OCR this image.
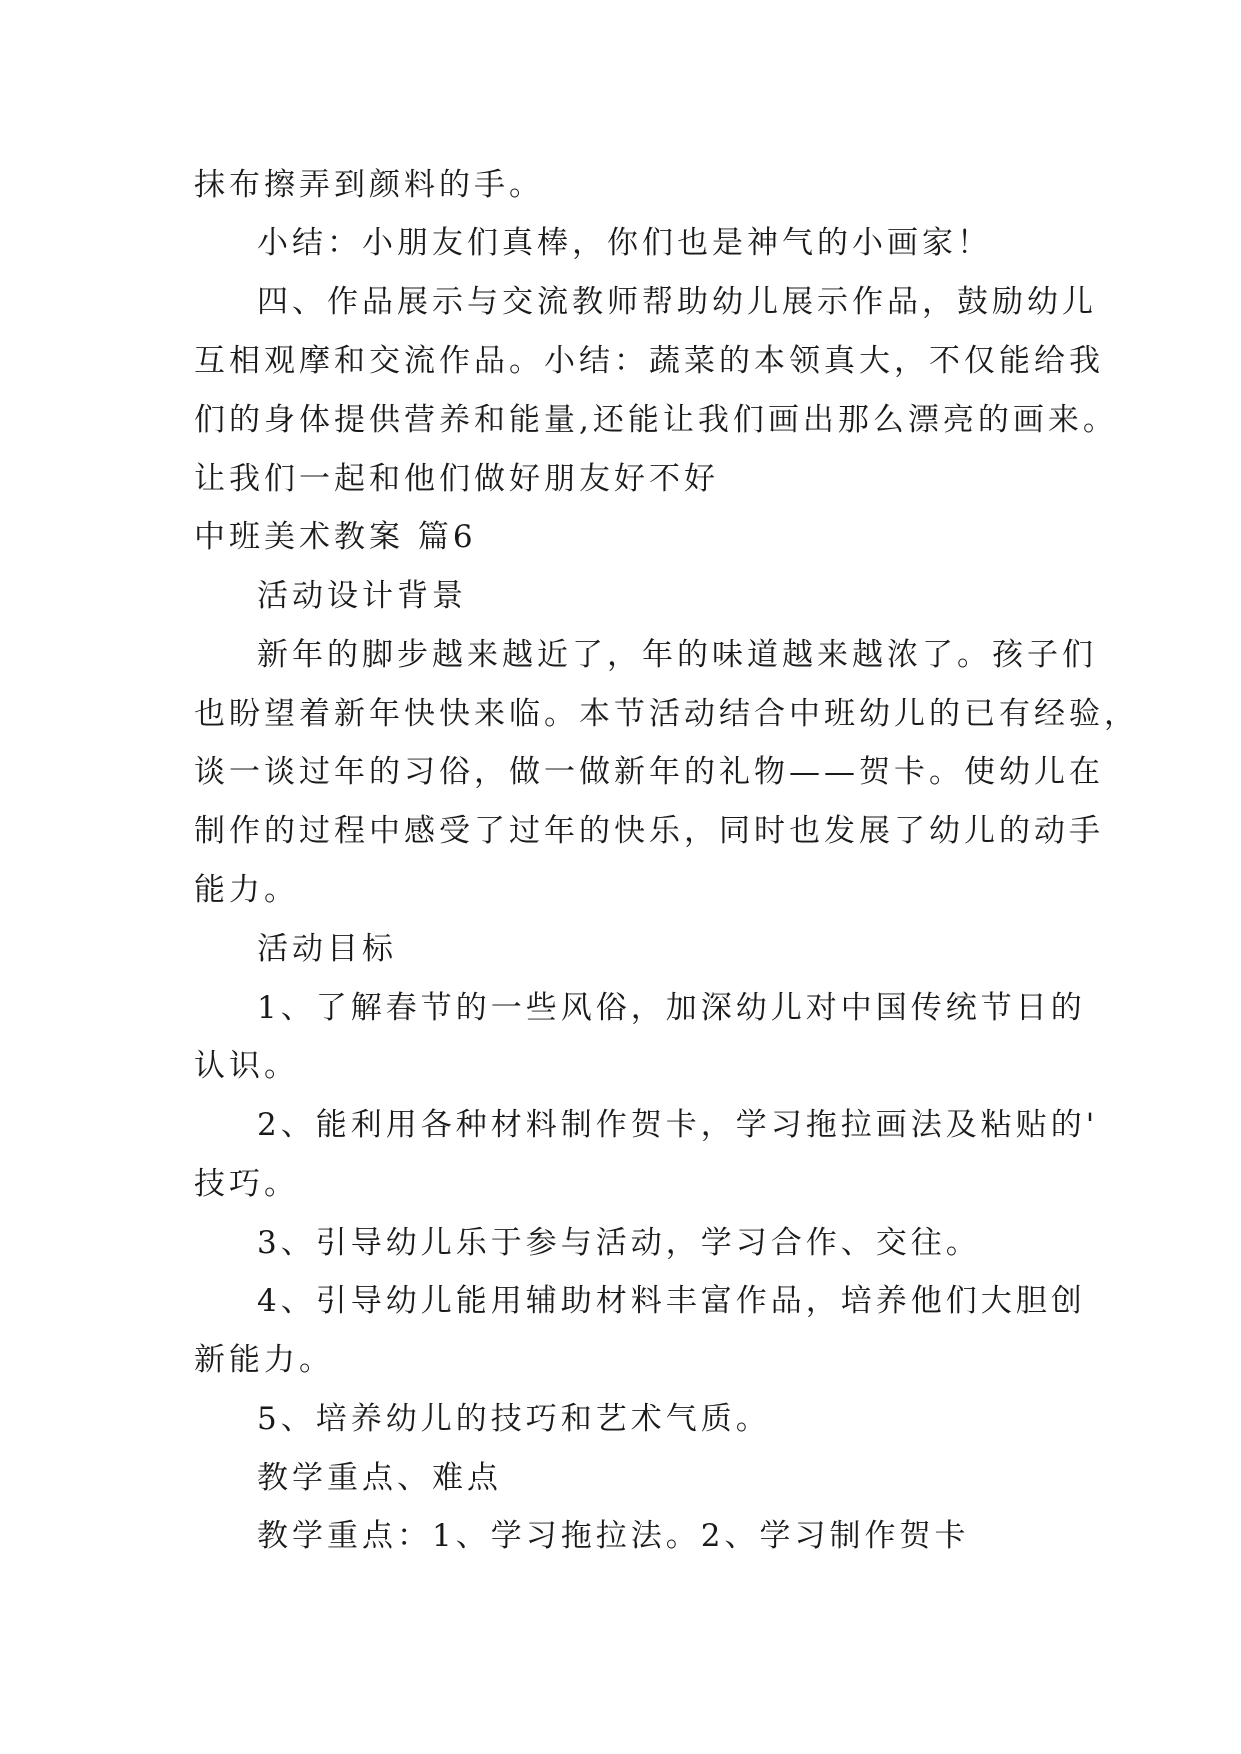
抹布擦弄到颜料的手。
小结：小朋友们真棒，你们也是神气的小画家！
四、作品展示与交流教师帮助幼儿展示作品，鼓励幼儿
互相观摩和交流作品。小结：蔬菜的本领真大，不仅能给我
们的身体提供营养和能量,还能让我们画出那么漂亮的画来。
让我们一起和他们做好朋友好不好
中班美术教案 篇6
活动设计背景
新年的脚步越来越近了，年的味道越来越浓了。孩子们
也盼望着新年快快来临。本节活动结合中班幼儿的已有经验，
谈一谈过年的习俗，做一做新年的礼物——贺卡。使幼儿在
制作的过程中感受了过年的快乐，同时也发展了幼儿的动手
能力。
活动目标
1、了解春节的一些风俗，加深幼儿对中国传统节日的
认识。
2、能利用各种材料制作贺卡，学习拖拉画法及粘贴的'
技巧。
3、引导幼儿乐于参与活动，学习合作、交往。
4、引导幼儿能用辅助材料丰富作品，培养他们大胆创
新能力。
5、培养幼儿的技巧和艺术气质。
教学重点、难点
教学重点：1、学习拖拉法。2、学习制作贺卡
